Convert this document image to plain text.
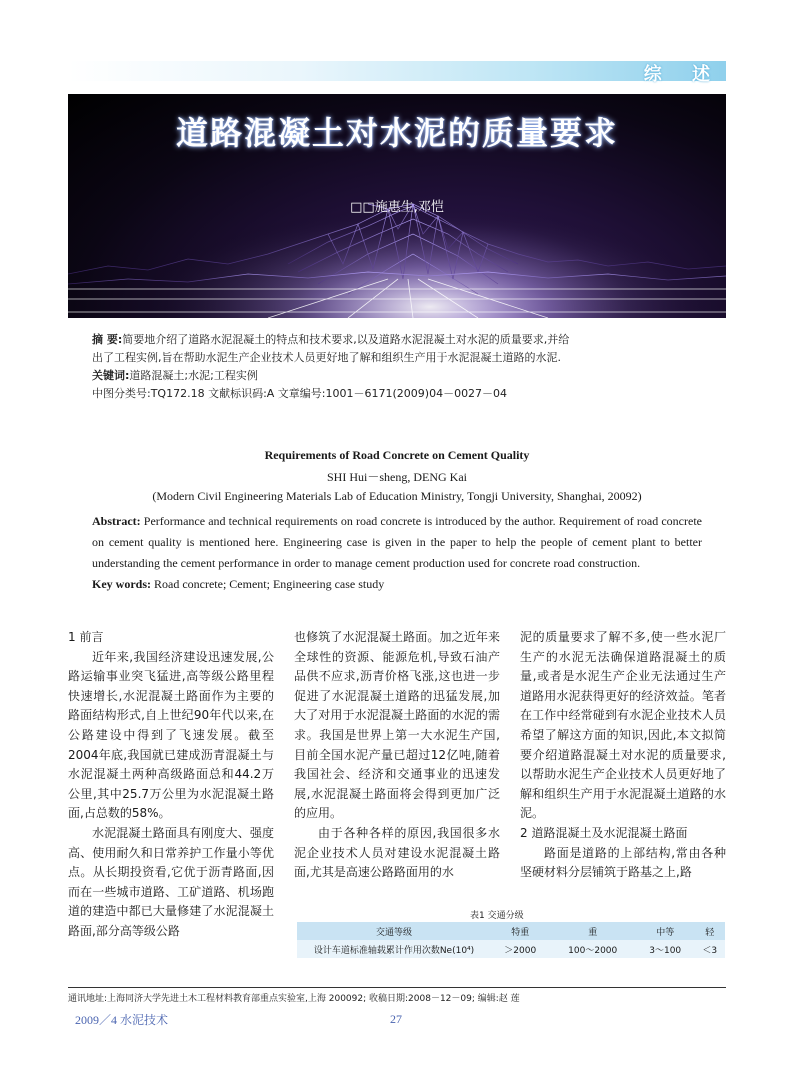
综 述
道路混凝土对水泥的质量要求
□□施惠生,邓恺
摘 要:简要地介绍了道路水泥混凝土的特点和技术要求,以及道路水泥混凝土对水泥的质量要求,并给
出了工程实例,旨在帮助水泥生产企业技术人员更好地了解和组织生产用于水泥混凝土道路的水泥.
关键词:道路混凝土;水泥;工程实例
中图分类号:TQ172.18 文献标识码:A 文章编号:1001－6171(2009)04－0027－04
Requirements of Road Concrete on Cement Quality
SHI Hui－sheng, DENG Kai
(Modern Civil Engineering Materials Lab of Education Ministry, Tongji University, Shanghai, 20092)
Abstract: Performance and technical requirements on road concrete is introduced by the author. Requirement of road concrete on cement quality is mentioned here. Engineering case is given in the paper to help the people of cement plant to better understanding the cement performance in order to manage cement production used for concrete road construction.
Key words: Road concrete; Cement; Engineering case study

1 前言

近年来,我国经济建设迅速发展,公路运输事业突飞猛进,高等级公路里程快速增长,水泥混凝土路面作为主要的路面结构形式,自上世纪90年代以来,在公路建设中得到了飞速发展。截至2004年底,我国就已建成沥青混凝土与水泥混凝土两种高级路面总和44.2万公里,其中25.7万公里为水泥混凝土路面,占总数的58%。

水泥混凝土路面具有刚度大、强度高、使用耐久和日常养护工作量小等优点。从长期投资看,它优于沥青路面,因而在一些城市道路、工矿道路、机场跑道的建造中都已大量修建了水泥混凝土路面,部分高等级公路

也修筑了水泥混凝土路面。加之近年来全球性的资源、能源危机,导致石油产品供不应求,沥青价格飞涨,这也进一步促进了水泥混凝土道路的迅猛发展,加大了对用于水泥混凝土路面的水泥的需求。我国是世界上第一大水泥生产国,目前全国水泥产量已超过12亿吨,随着我国社会、经济和交通事业的迅速发展,水泥混凝土路面将会得到更加广泛的应用。

由于各种各样的原因,我国很多水泥企业技术人员对建设水泥混凝土路面,尤其是高速公路路面用的水

泥的质量要求了解不多,使一些水泥厂生产的水泥无法确保道路混凝土的质量,或者是水泥生产企业无法通过生产道路用水泥获得更好的经济效益。笔者在工作中经常碰到有水泥企业技术人员希望了解这方面的知识,因此,本文拟简要介绍道路混凝土对水泥的质量要求,以帮助水泥生产企业技术人员更好地了解和组织生产用于水泥混凝土道路的水泥。

2 道路混凝土及水泥混凝土路面

路面是道路的上部结构,常由各种坚硬材料分层铺筑于路基之上,路

表1 交通分级
交通等级	特重	重	中等	轻
设计车道标准轴载累计作用次数Ne(10⁴)	＞2000	100～2000	3～100	＜3
通讯地址:上海同济大学先进土木工程材料教育部重点实验室,上海 200092; 收稿日期:2008－12－09; 编辑:赵 莲
2009／4 水泥技术	27
